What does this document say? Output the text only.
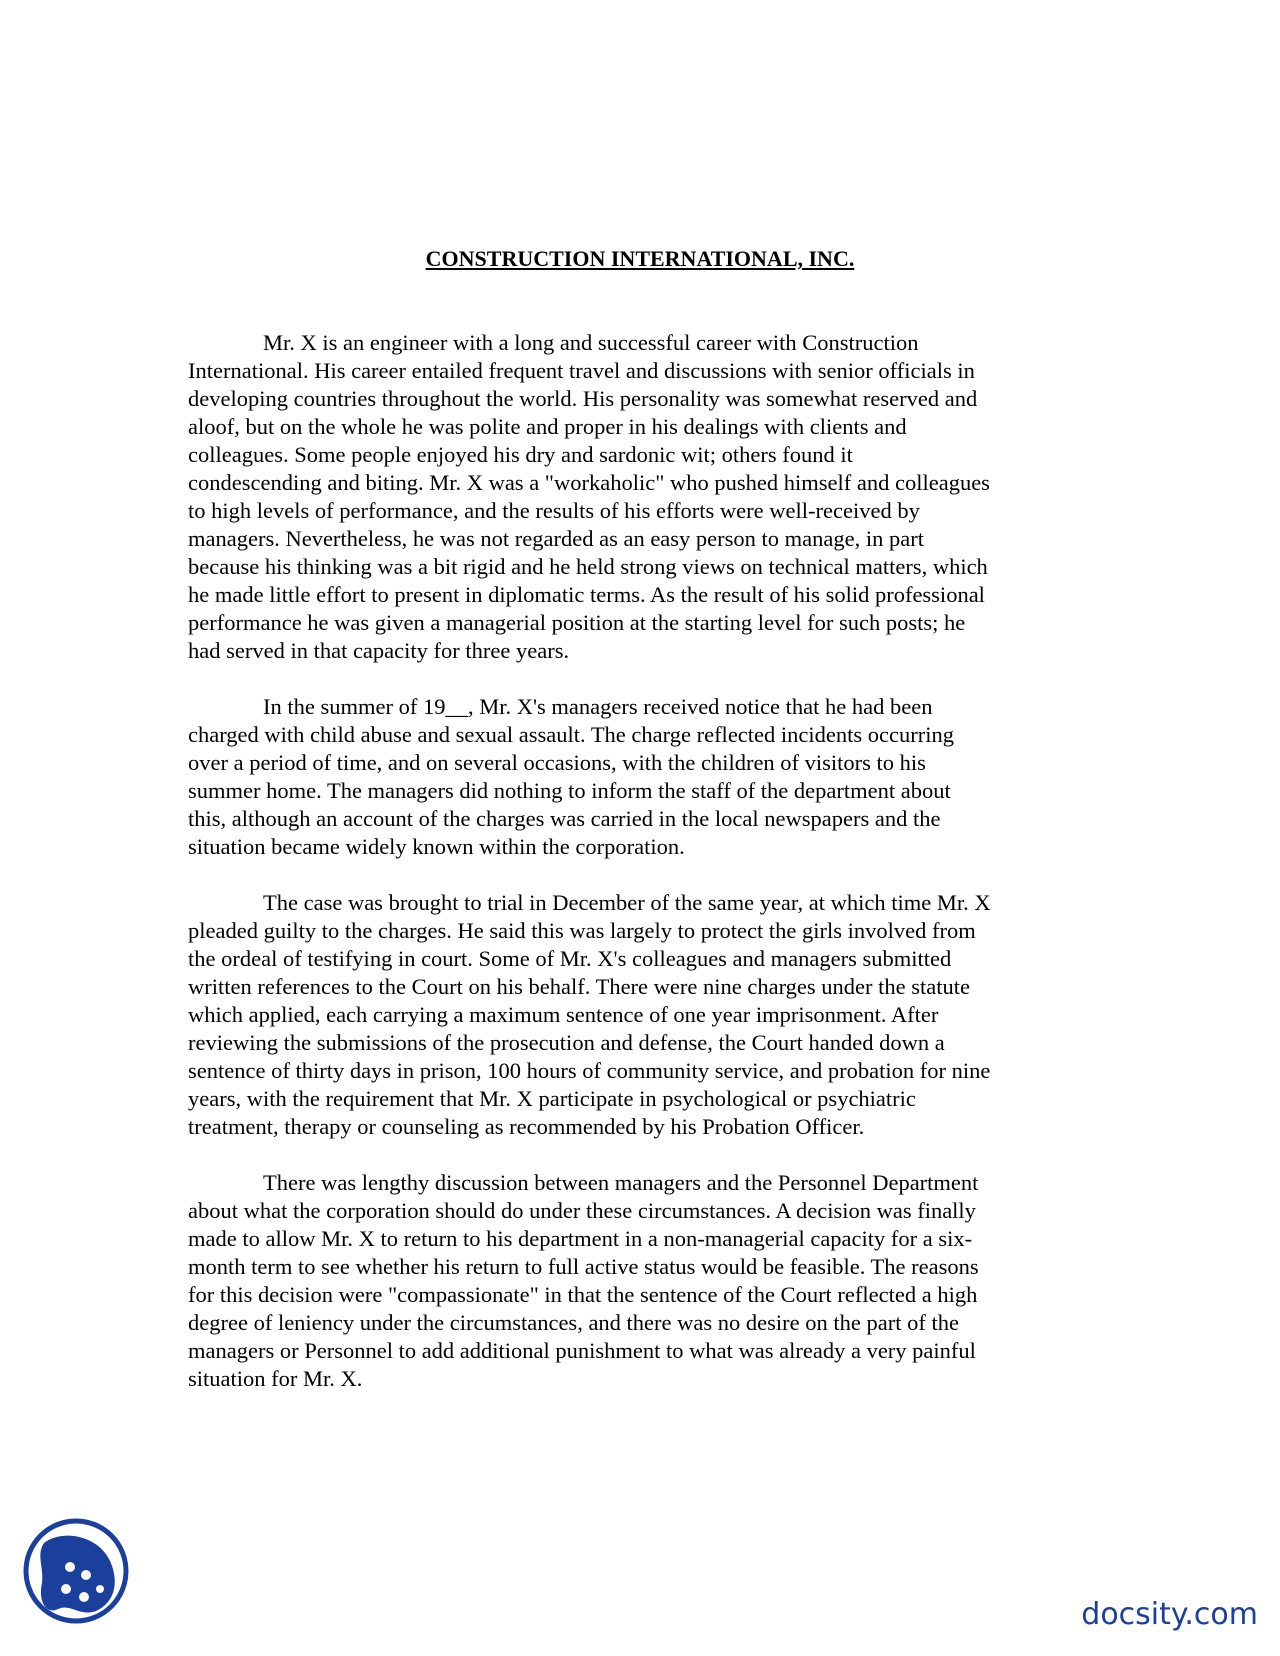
CONSTRUCTION INTERNATIONAL, INC.

Mr. X is an engineer with a long and successful career with Construction
International. His career entailed frequent travel and discussions with senior officials in
developing countries throughout the world. His personality was somewhat reserved and
aloof, but on the whole he was polite and proper in his dealings with clients and
colleagues. Some people enjoyed his dry and sardonic wit; others found it
condescending and biting. Mr. X was a "workaholic" who pushed himself and colleagues
to high levels of performance, and the results of his efforts were well-received by
managers. Nevertheless, he was not regarded as an easy person to manage, in part
because his thinking was a bit rigid and he held strong views on technical matters, which
he made little effort to present in diplomatic terms. As the result of his solid professional
performance he was given a managerial position at the starting level for such posts; he
had served in that capacity for three years.

In the summer of 19__, Mr. X's managers received notice that he had been
charged with child abuse and sexual assault. The charge reflected incidents occurring
over a period of time, and on several occasions, with the children of visitors to his
summer home. The managers did nothing to inform the staff of the department about
this, although an account of the charges was carried in the local newspapers and the
situation became widely known within the corporation.

The case was brought to trial in December of the same year, at which time Mr. X
pleaded guilty to the charges. He said this was largely to protect the girls involved from
the ordeal of testifying in court. Some of Mr. X's colleagues and managers submitted
written references to the Court on his behalf. There were nine charges under the statute
which applied, each carrying a maximum sentence of one year imprisonment. After
reviewing the submissions of the prosecution and defense, the Court handed down a
sentence of thirty days in prison, 100 hours of community service, and probation for nine
years, with the requirement that Mr. X participate in psychological or psychiatric
treatment, therapy or counseling as recommended by his Probation Officer.

There was lengthy discussion between managers and the Personnel Department
about what the corporation should do under these circumstances. A decision was finally
made to allow Mr. X to return to his department in a non-managerial capacity for a six-
month term to see whether his return to full active status would be feasible. The reasons
for this decision were "compassionate" in that the sentence of the Court reflected a high
degree of leniency under the circumstances, and there was no desire on the part of the
managers or Personnel to add additional punishment to what was already a very painful
situation for Mr. X.

docsity.com
